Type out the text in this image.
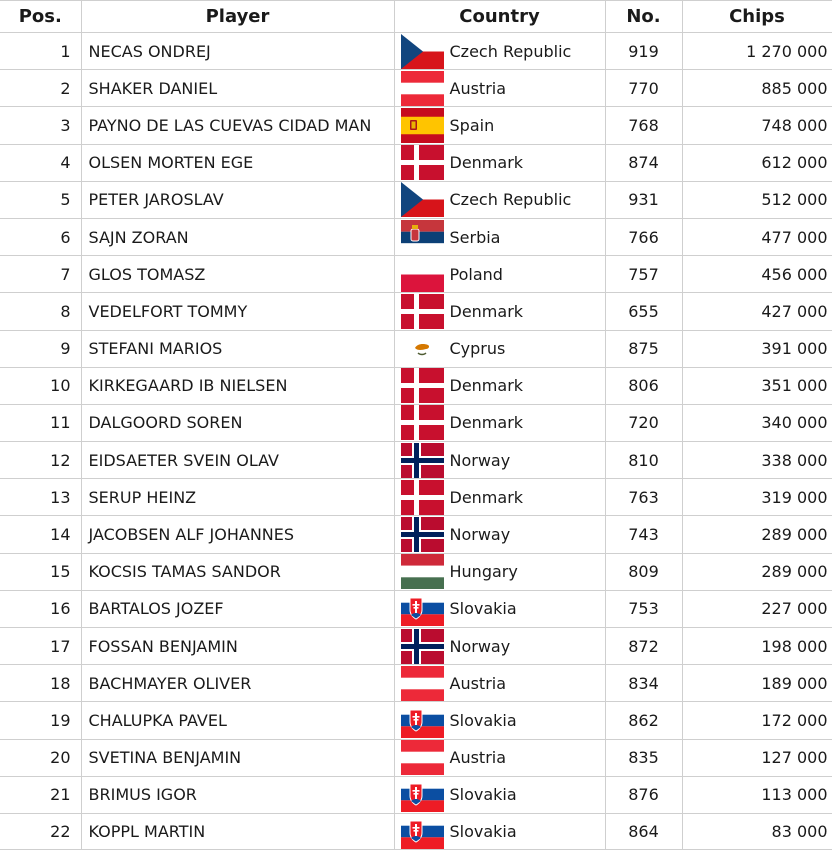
Pos.	Player	Country	No.	Chips
1	NECAS ONDREJ	Czech Republic	919	1 270 000
2	SHAKER DANIEL	Austria	770	885 000
3	PAYNO DE LAS CUEVAS CIDAD MAN	Spain	768	748 000
4	OLSEN MORTEN EGE	Denmark	874	612 000
5	PETER JAROSLAV	Czech Republic	931	512 000
6	SAJN ZORAN	Serbia	766	477 000
7	GLOS TOMASZ	Poland	757	456 000
8	VEDELFORT TOMMY	Denmark	655	427 000
9	STEFANI MARIOS	Cyprus	875	391 000
10	KIRKEGAARD IB NIELSEN	Denmark	806	351 000
11	DALGOORD SOREN	Denmark	720	340 000
12	EIDSAETER SVEIN OLAV	Norway	810	338 000
13	SERUP HEINZ	Denmark	763	319 000
14	JACOBSEN ALF JOHANNES	Norway	743	289 000
15	KOCSIS TAMAS SANDOR	Hungary	809	289 000
16	BARTALOS JOZEF	Slovakia	753	227 000
17	FOSSAN BENJAMIN	Norway	872	198 000
18	BACHMAYER OLIVER	Austria	834	189 000
19	CHALUPKA PAVEL	Slovakia	862	172 000
20	SVETINA BENJAMIN	Austria	835	127 000
21	BRIMUS IGOR	Slovakia	876	113 000
22	KOPPL MARTIN	Slovakia	864	83 000
